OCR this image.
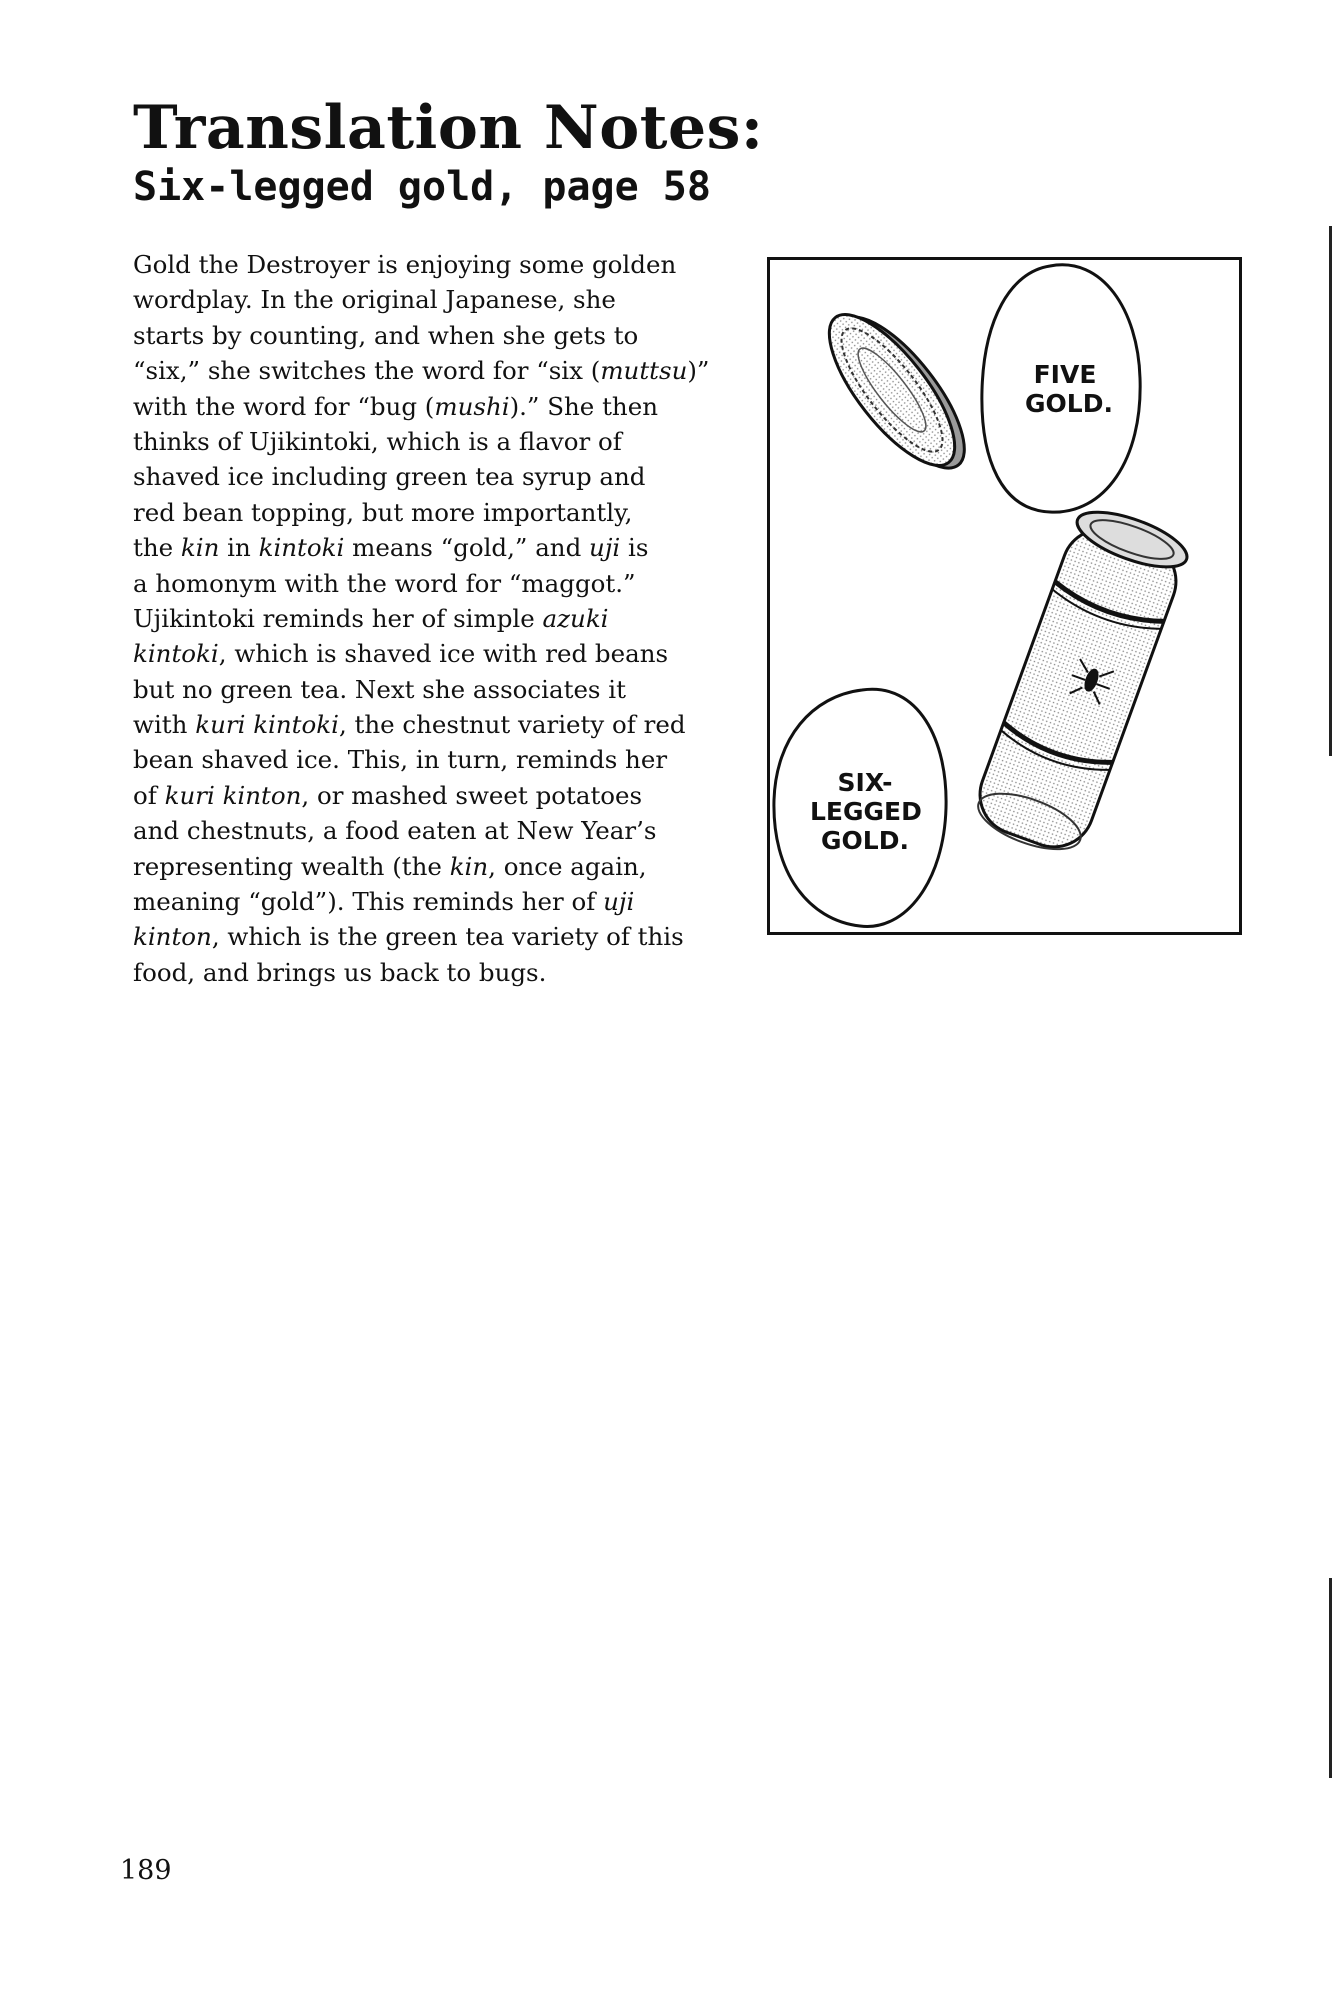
Translation Notes:
Six-legged gold, page 58
Gold the Destroyer is enjoying some golden
wordplay. In the original Japanese, she
starts by counting, and when she gets to
“six,” she switches the word for “six (muttsu)”
with the word for “bug (mushi).” She then
thinks of Ujikintoki, which is a flavor of
shaved ice including green tea syrup and
red bean topping, but more importantly,
the kin in kintoki means “gold,” and uji is
a homonym with the word for “maggot.”
Ujikintoki reminds her of simple azuki
kintoki, which is shaved ice with red beans
but no green tea. Next she associates it
with kuri kintoki, the chestnut variety of red
bean shaved ice. This, in turn, reminds her
of kuri kinton, or mashed sweet potatoes
and chestnuts, a food eaten at New Year’s
representing wealth (the kin, once again,
meaning “gold”). This reminds her of uji
kinton, which is the green tea variety of this
food, and brings us back to bugs.
FIVE
GOLD.
SIX-
LEGGED
GOLD.
189
